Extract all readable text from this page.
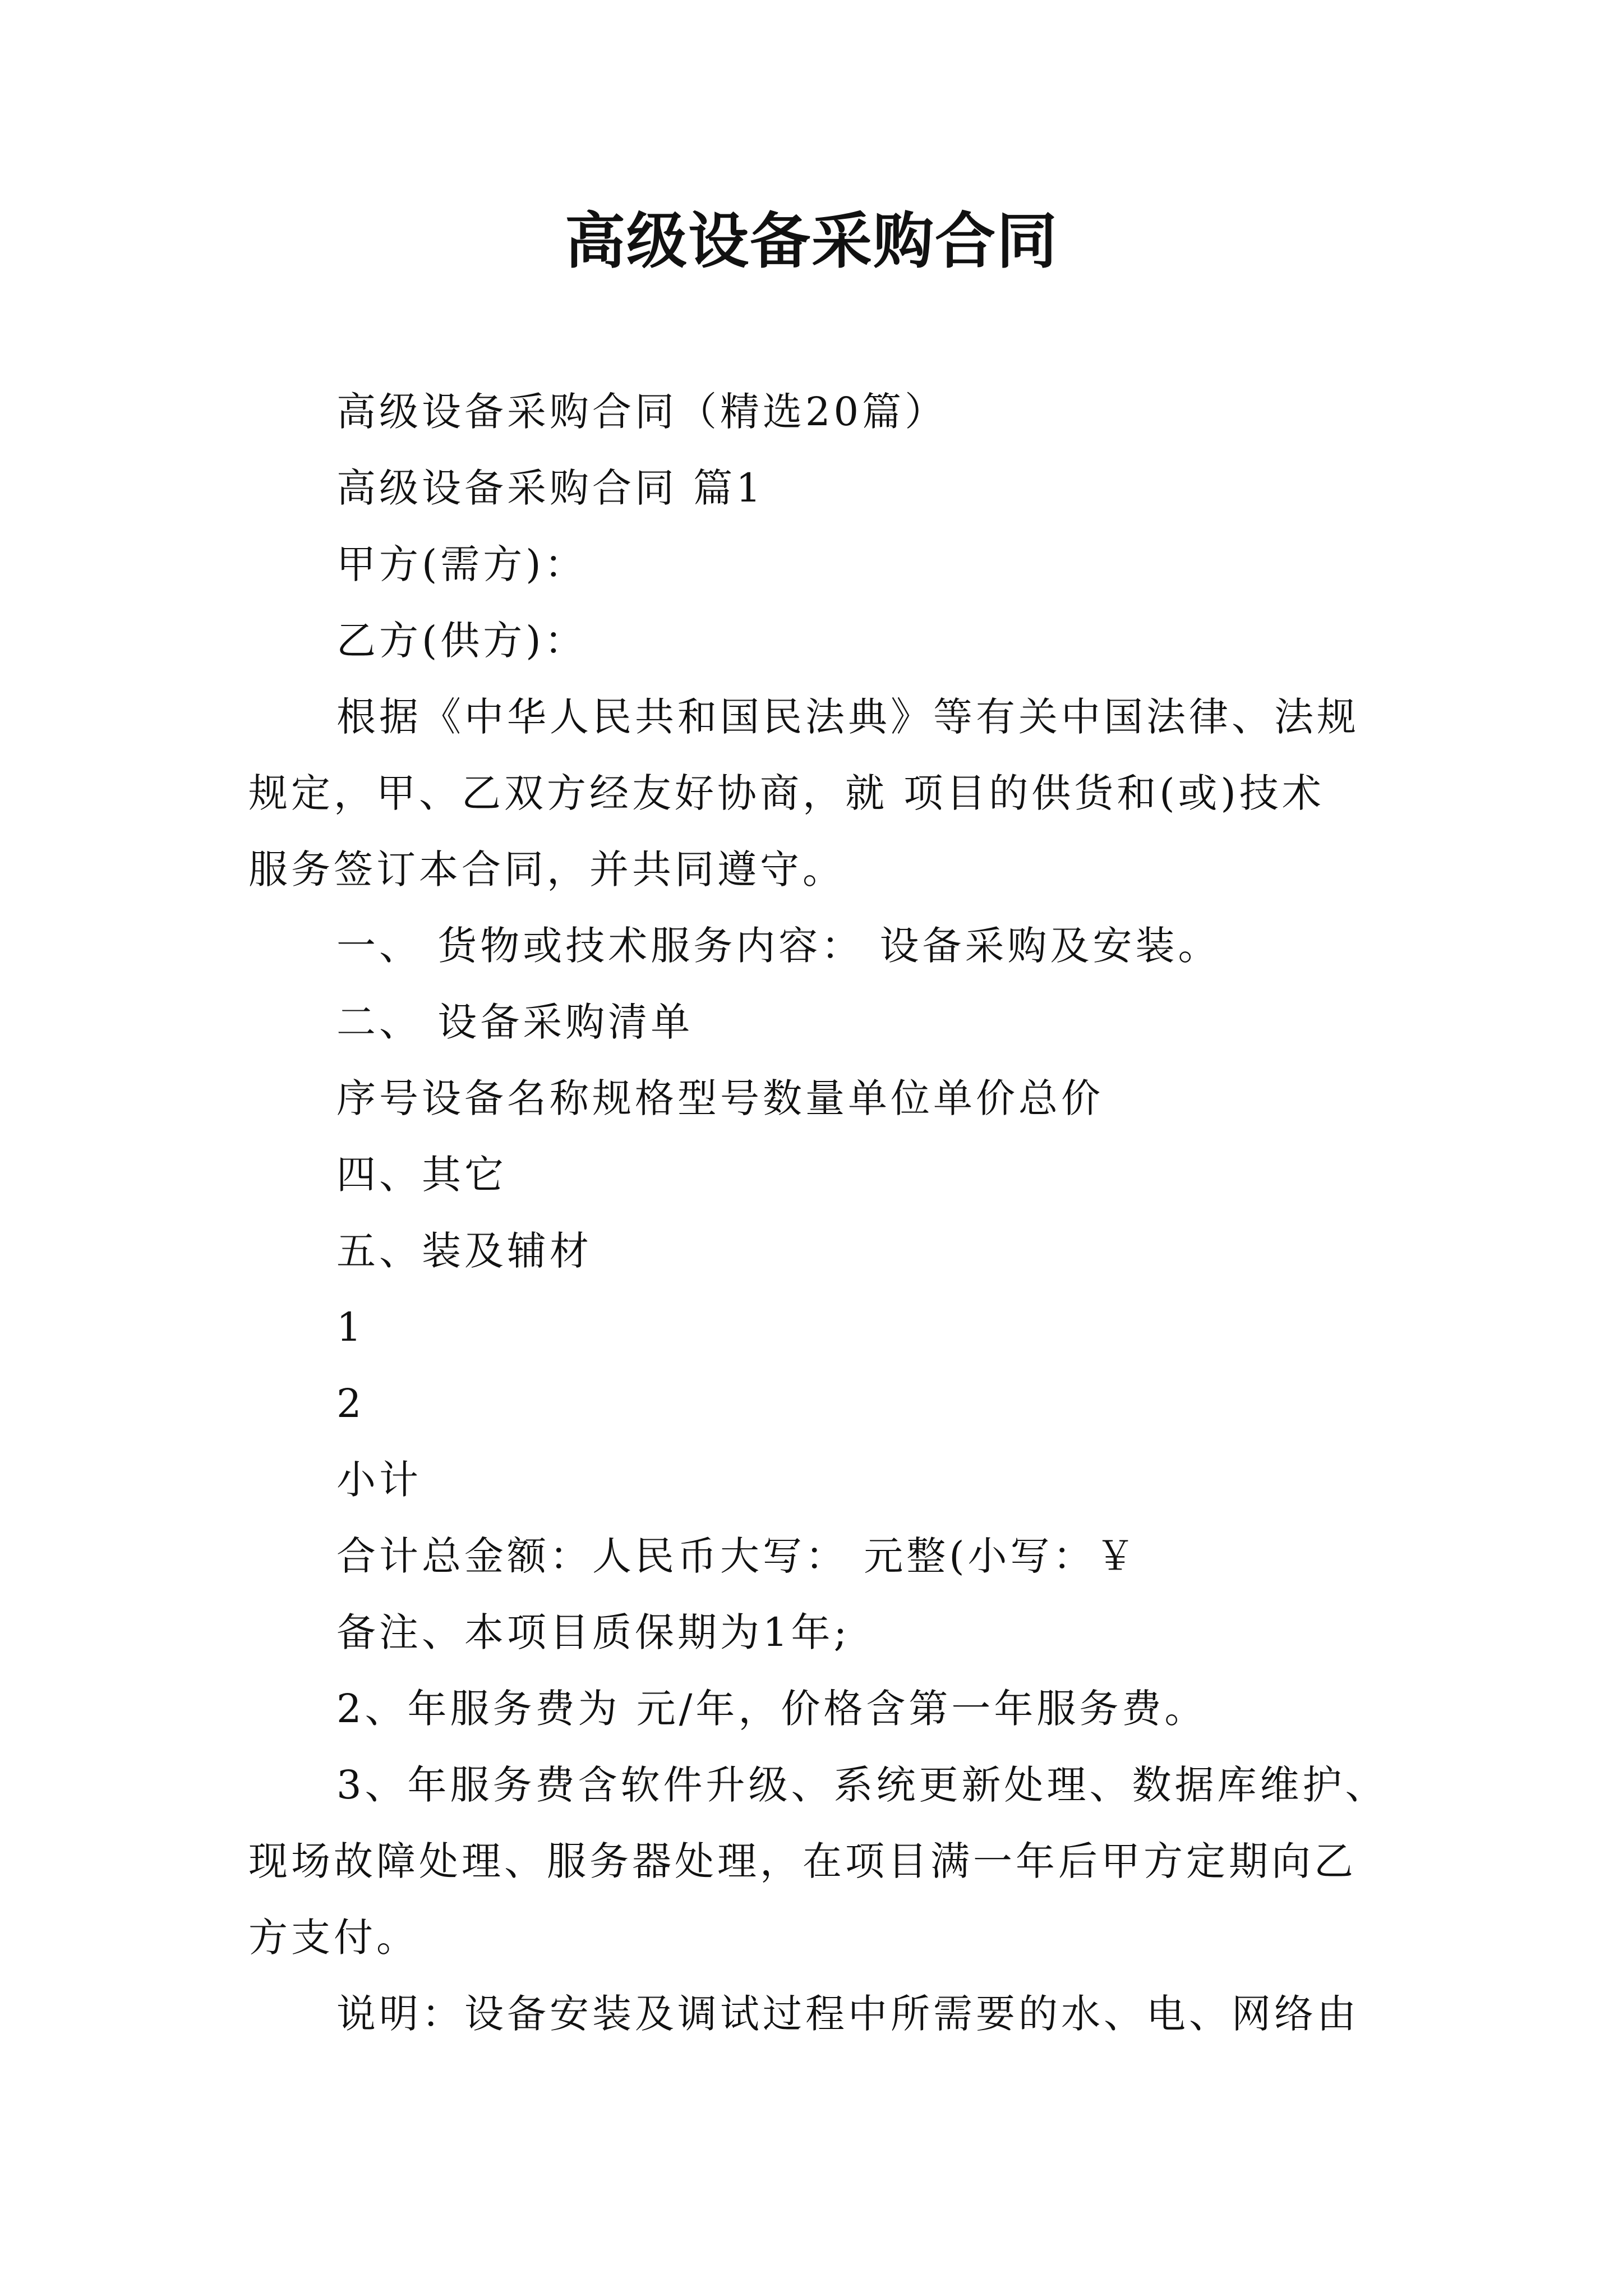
高级设备采购合同

高级设备采购合同（精选20篇）

高级设备采购合同 篇1

甲方(需方)：

乙方(供方)：

根据《中华人民共和国民法典》等有关中国法律、法规

规定，甲、乙双方经友好协商，就 项目的供货和(或)技术

服务签订本合同，并共同遵守。

一、 货物或技术服务内容： 设备采购及安装。

二、 设备采购清单

序号设备名称规格型号数量单位单价总价

四、其它

五、装及辅材

1

2

小计

合计总金额：人民币大写： 元整(小写：￥

备注、本项目质保期为1年;

2、年服务费为 元/年，价格含第一年服务费。

3、年服务费含软件升级、系统更新处理、数据库维护、

现场故障处理、服务器处理，在项目满一年后甲方定期向乙

方支付。

说明：设备安装及调试过程中所需要的水、电、网络由
